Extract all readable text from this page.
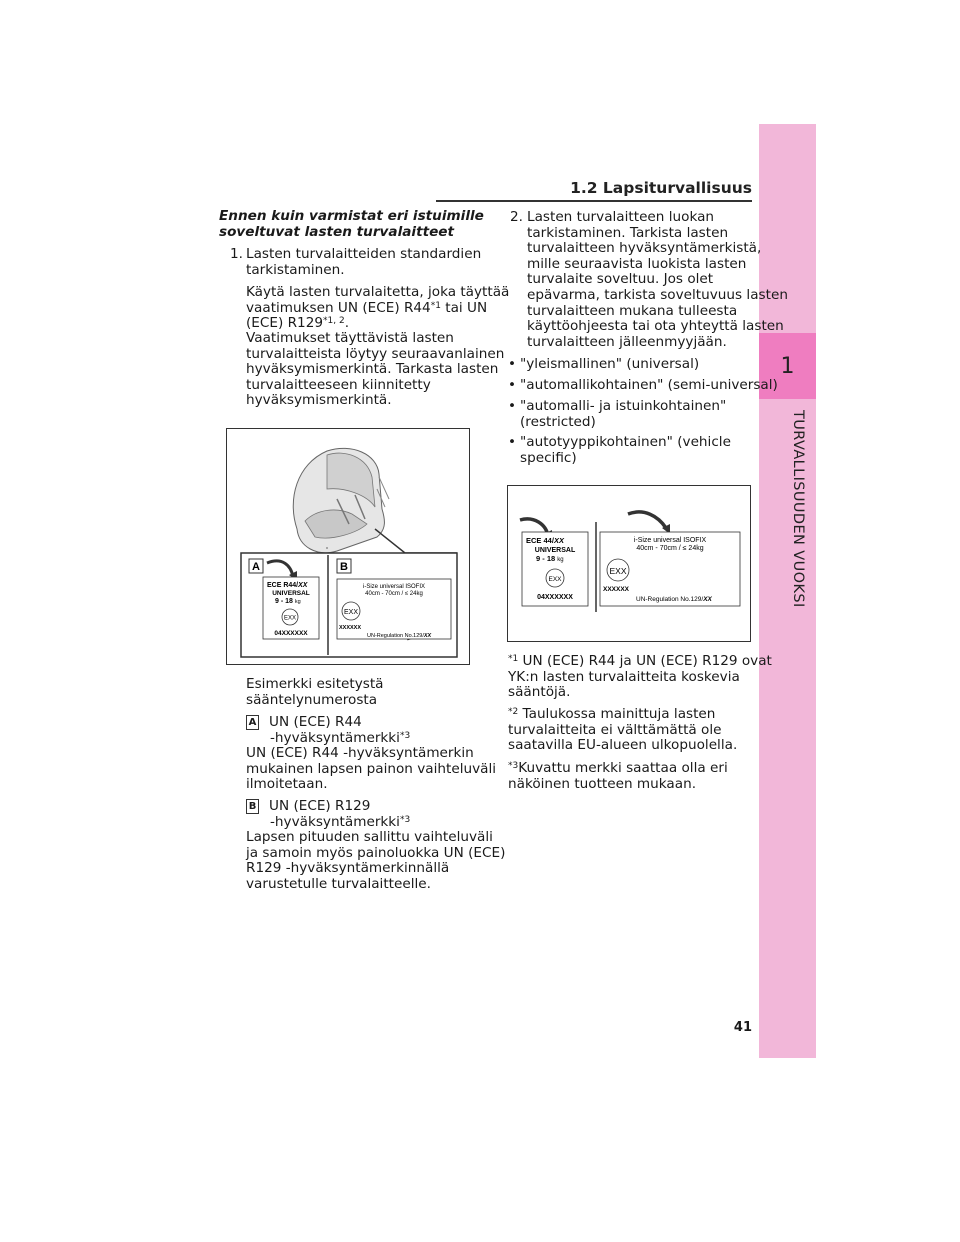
1
TURVALLISUUDEN VUOKSI
1.2 Lapsiturvallisuus
Ennen kuin varmistat eri istuimille
soveltuvat lasten turvalaitteet
1. Lasten turvalaitteiden standardien
tarkistaminen.
Käytä lasten turvalaitetta, joka täyttää
vaatimuksen UN (ECE) R44$^{*1}$ tai UN
(ECE) R129$^{*1, 2}$.
Vaatimukset täyttävistä lasten
turvalaitteista löytyy seuraavanlainen
hyväksymismerkintä. Tarkasta lasten
turvalaitteeseen kiinnitetty
hyväksymismerkintä.
A	B
ECE R44/XX
UNIVERSAL
9 - 18 kg
EXX
04XXXXXX
i-Size universal ISOFIX
40cm - 70cm / ≤ 24kg
EXX
XXXXXX
UN-Regulation No.129/XX
Esimerkki esitetystä
sääntelynumerosta
A UN (ECE) R44
-hyväksyntämerkki$^{*3}$
UN (ECE) R44 -hyväksyntämerkin
mukainen lapsen painon vaihteluväli
ilmoitetaan.
B UN (ECE) R129
-hyväksyntämerkki$^{*3}$
Lapsen pituuden sallittu vaihteluväli
ja samoin myös painoluokka UN (ECE)
R129 -hyväksyntämerkinnällä
varustetulle turvalaitteelle.
2. Lasten turvalaitteen luokan
tarkistaminen. Tarkista lasten
turvalaitteen hyväksyntämerkistä,
mille seuraavista luokista lasten
turvalaite soveltuu. Jos olet
epävarma, tarkista soveltuvuus lasten
turvalaitteen mukana tulleesta
käyttöohjeesta tai ota yhteyttä lasten
turvalaitteen jälleenmyyjään.
• "yleismallinen" (universal)
• "automallikohtainen" (semi-universal)
• "automalli- ja istuinkohtainen"
(restricted)
• "autotyyppikohtainen" (vehicle
specific)
ECE 44/XX
UNIVERSAL
9 - 18 kg
EXX
04XXXXXX
i-Size universal ISOFIX
40cm - 70cm / ≤ 24kg
EXX
XXXXXX
UN-Regulation No.129/XX
$^{*1}$ UN (ECE) R44 ja UN (ECE) R129 ovat
YK:n lasten turvalaitteita koskevia
sääntöjä.
$^{*2}$ Taulukossa mainittuja lasten
turvalaitteita ei välttämättä ole
saatavilla EU-alueen ulkopuolella.
$^{*3}$Kuvattu merkki saattaa olla eri
näköinen tuotteen mukaan.
41
